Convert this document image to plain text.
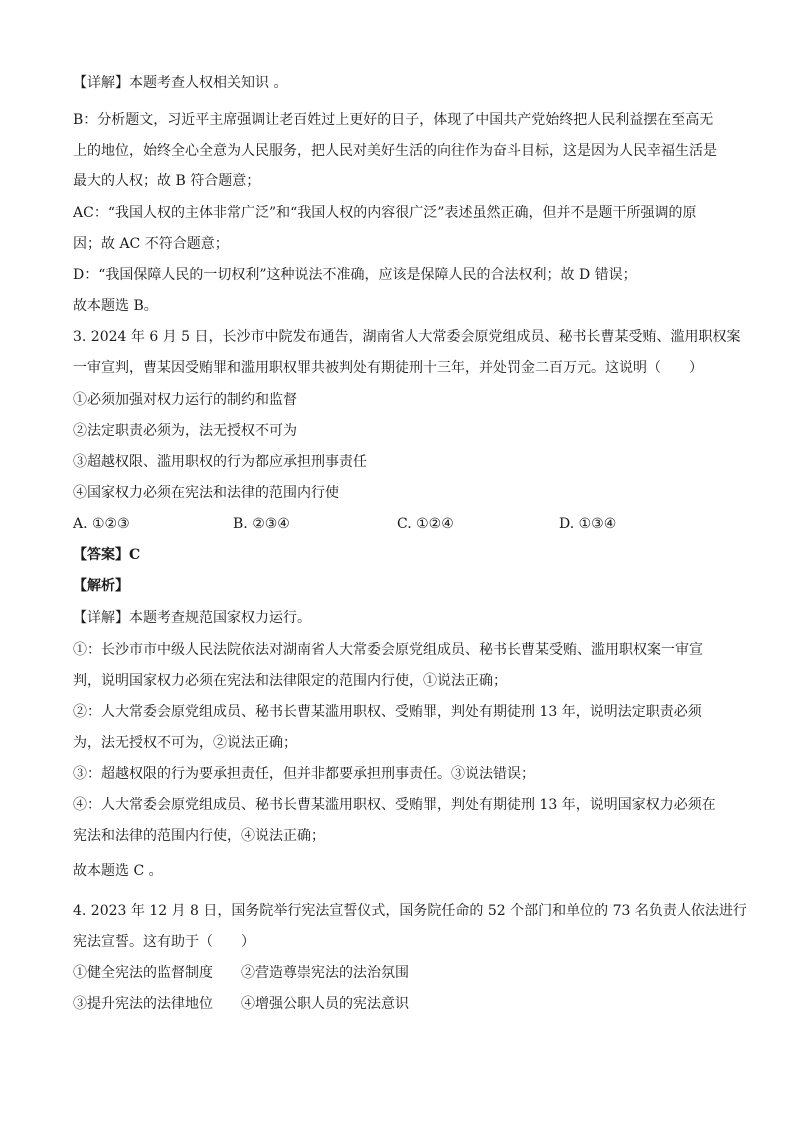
【详解】本题考查人权相关知识 。
B：分析题文，习近平主席强调让老百姓过上更好的日子，体现了中国共产党始终把人民利益摆在至高无
上的地位，始终全心全意为人民服务，把人民对美好生活的向往作为奋斗目标，这是因为人民幸福生活是
最大的人权；故 B 符合题意；
AC：“我国人权的主体非常广泛”和“我国人权的内容很广泛”表述虽然正确，但并不是题干所强调的原
因；故 AC 不符合题意；
D：“我国保障人民的一切权利”这种说法不准确，应该是保障人民的合法权利；故 D 错误；
故本题选 B。
3. 2024 年 6 月 5 日，长沙市中院发布通告，湖南省人大常委会原党组成员、秘书长曹某受贿、滥用职权案
一审宣判，曹某因受贿罪和滥用职权罪共被判处有期徒刑十三年，并处罚金二百万元。这说明（　　）
①必须加强对权力运行的制约和监督
②法定职责必须为，法无授权不可为
③超越权限、滥用职权的行为都应承担刑事责任
④国家权力必须在宪法和法律的范围内行使
A. ①②③	B. ②③④	C. ①②④	D. ①③④
【答案】C
【解析】
【详解】本题考查规范国家权力运行。
①：长沙市市中级人民法院依法对湖南省人大常委会原党组成员、秘书长曹某受贿、滥用职权案一审宣
判，说明国家权力必须在宪法和法律限定的范围内行使，①说法正确；
②：人大常委会原党组成员、秘书长曹某滥用职权、受贿罪，判处有期徒刑 13 年，说明法定职责必须
为，法无授权不可为，②说法正确；
③：超越权限的行为要承担责任，但并非都要承担刑事责任。③说法错误；
④：人大常委会原党组成员、秘书长曹某滥用职权、受贿罪，判处有期徒刑 13 年，说明国家权力必须在
宪法和法律的范围内行使，④说法正确；
故本题选 C 。
4. 2023 年 12 月 8 日，国务院举行宪法宣誓仪式，国务院任命的 52 个部门和单位的 73 名负责人依法进行
宪法宣誓。这有助于（　　）
①健全宪法的监督制度　　②营造尊崇宪法的法治氛围
③提升宪法的法律地位　　④增强公职人员的宪法意识
